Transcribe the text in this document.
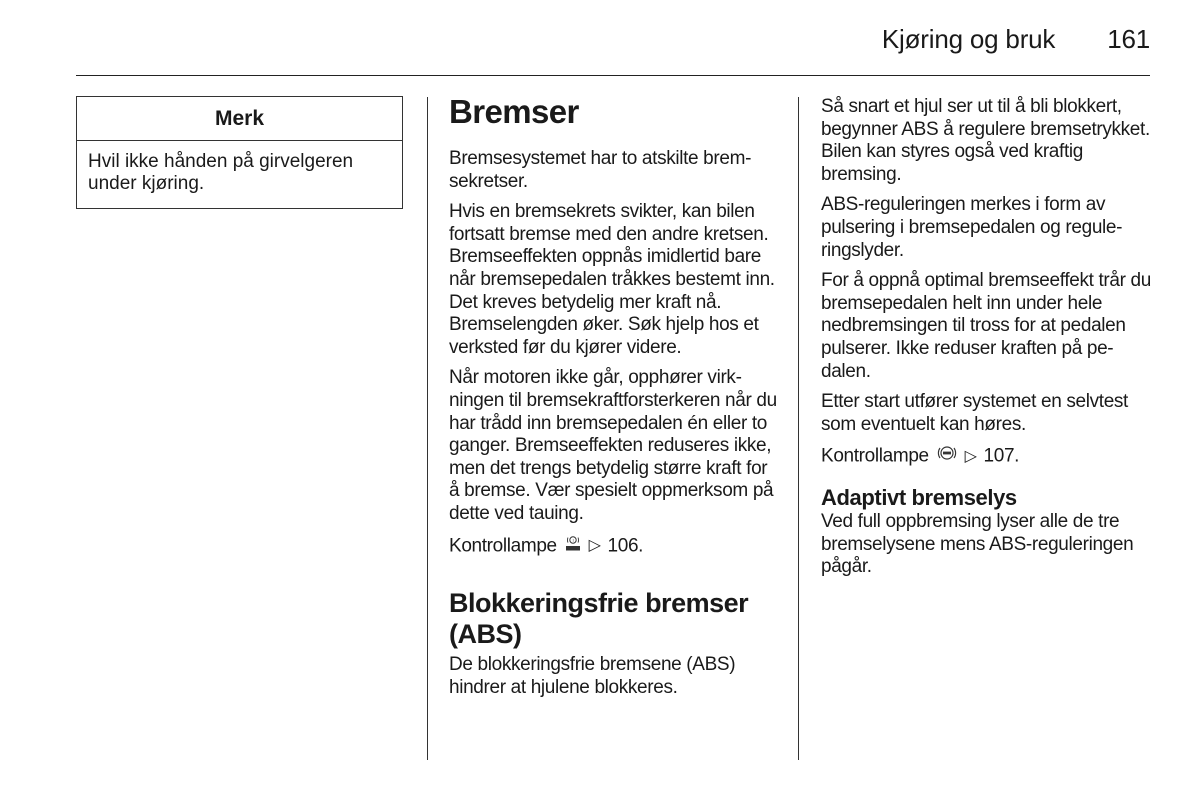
Kjøring og bruk 161
Merk
Hvil ikke hånden på girvelgeren under kjøring.
Bremser

Bremsesystemet har to atskilte bremsekretser.

Hvis en bremsekrets svikter, kan bilen fortsatt bremse med den andre kretsen. Bremseeffekten oppnås imidlertid bare når bremsepedalen tråkkes bestemt inn. Det kreves betydelig mer kraft nå. Bremselengden øker. Søk hjelp hos et verksted før du kjører videre.

Når motoren ikke går, opphører virkningen til bremsekraftforsterkeren når du har trådd inn bremsepedalen én eller to ganger. Bremseeffekten reduseres ikke, men det trengs betydelig større kraft for å bremse. Vær spesielt oppmerksom på dette ved tauing.

Kontrollampe	! ▷ 106.

Blokkeringsfrie bremser (ABS)

De blokkeringsfrie bremsene (ABS) hindrer at hjulene blokkeres.

Så snart et hjul ser ut til å bli blokkert, begynner ABS å regulere bremsetrykket. Bilen kan styres også ved kraftig bremsing.

ABS-reguleringen merkes i form av pulsering i bremsepedalen og reguleringslyder.

For å oppnå optimal bremseeffekt trår du bremsepedalen helt inn under hele nedbremsingen til tross for at pedalen pulserer. Ikke reduser kraften på pedalen.

Etter start utfører systemet en selvtest som eventuelt kan høres.

Kontrollampe ▷ 107.

Adaptivt bremselys

Ved full oppbremsing lyser alle de tre bremselysene mens ABS-reguleringen pågår.
